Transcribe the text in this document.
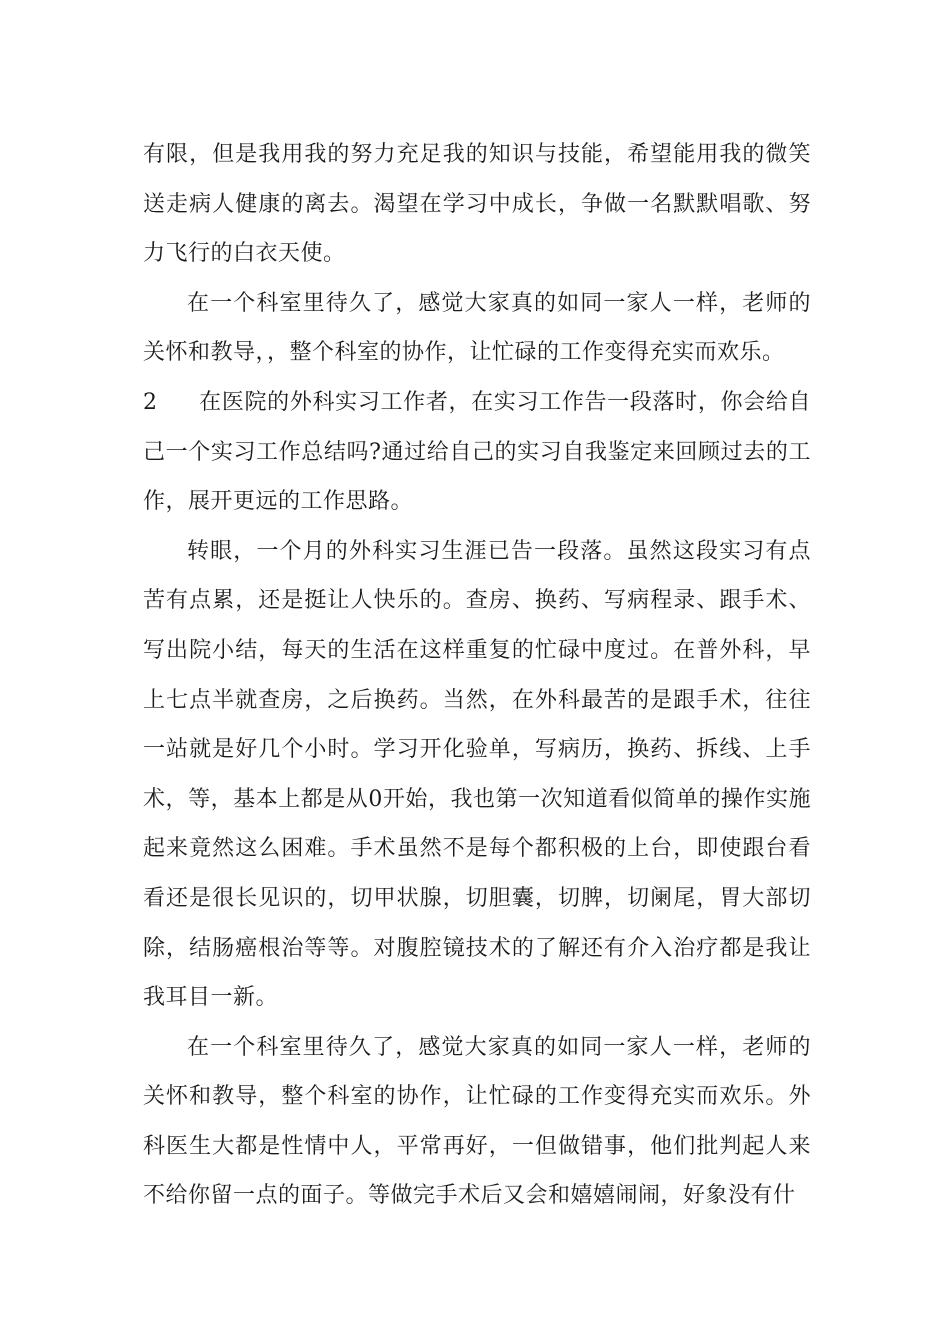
有限，但是我用我的努力充足我的知识与技能，希望能用我的微笑送走病人健康的离去。渴望在学习中成长，争做一名默默唱歌、努力飞行的白衣天使。

在一个科室里待久了，感觉大家真的如同一家人一样，老师的关怀和教导，，整个科室的协作，让忙碌的工作变得充实而欢乐。

2 在医院的外科实习工作者，在实习工作告一段落时，你会给自己一个实习工作总结吗?通过给自己的实习自我鉴定来回顾过去的工作，展开更远的工作思路。

转眼，一个月的外科实习生涯已告一段落。虽然这段实习有点苦有点累，还是挺让人快乐的。查房、换药、写病程录、跟手术、写出院小结，每天的生活在这样重复的忙碌中度过。在普外科，早上七点半就查房，之后换药。当然，在外科最苦的是跟手术，往往一站就是好几个小时。学习开化验单，写病历，换药、拆线、上手术，等，基本上都是从0开始，我也第一次知道看似简单的操作实施起来竟然这么困难。手术虽然不是每个都积极的上台，即使跟台看看还是很长见识的，切甲状腺，切胆囊，切脾，切阑尾，胃大部切除，结肠癌根治等等。对腹腔镜技术的了解还有介入治疗都是我让我耳目一新。

在一个科室里待久了，感觉大家真的如同一家人一样，老师的关怀和教导，整个科室的协作，让忙碌的工作变得充实而欢乐。外科医生大都是性情中人，平常再好，一但做错事，他们批判起人来不给你留一点的面子。等做完手术后又会和嬉嬉闹闹，好象没有什
